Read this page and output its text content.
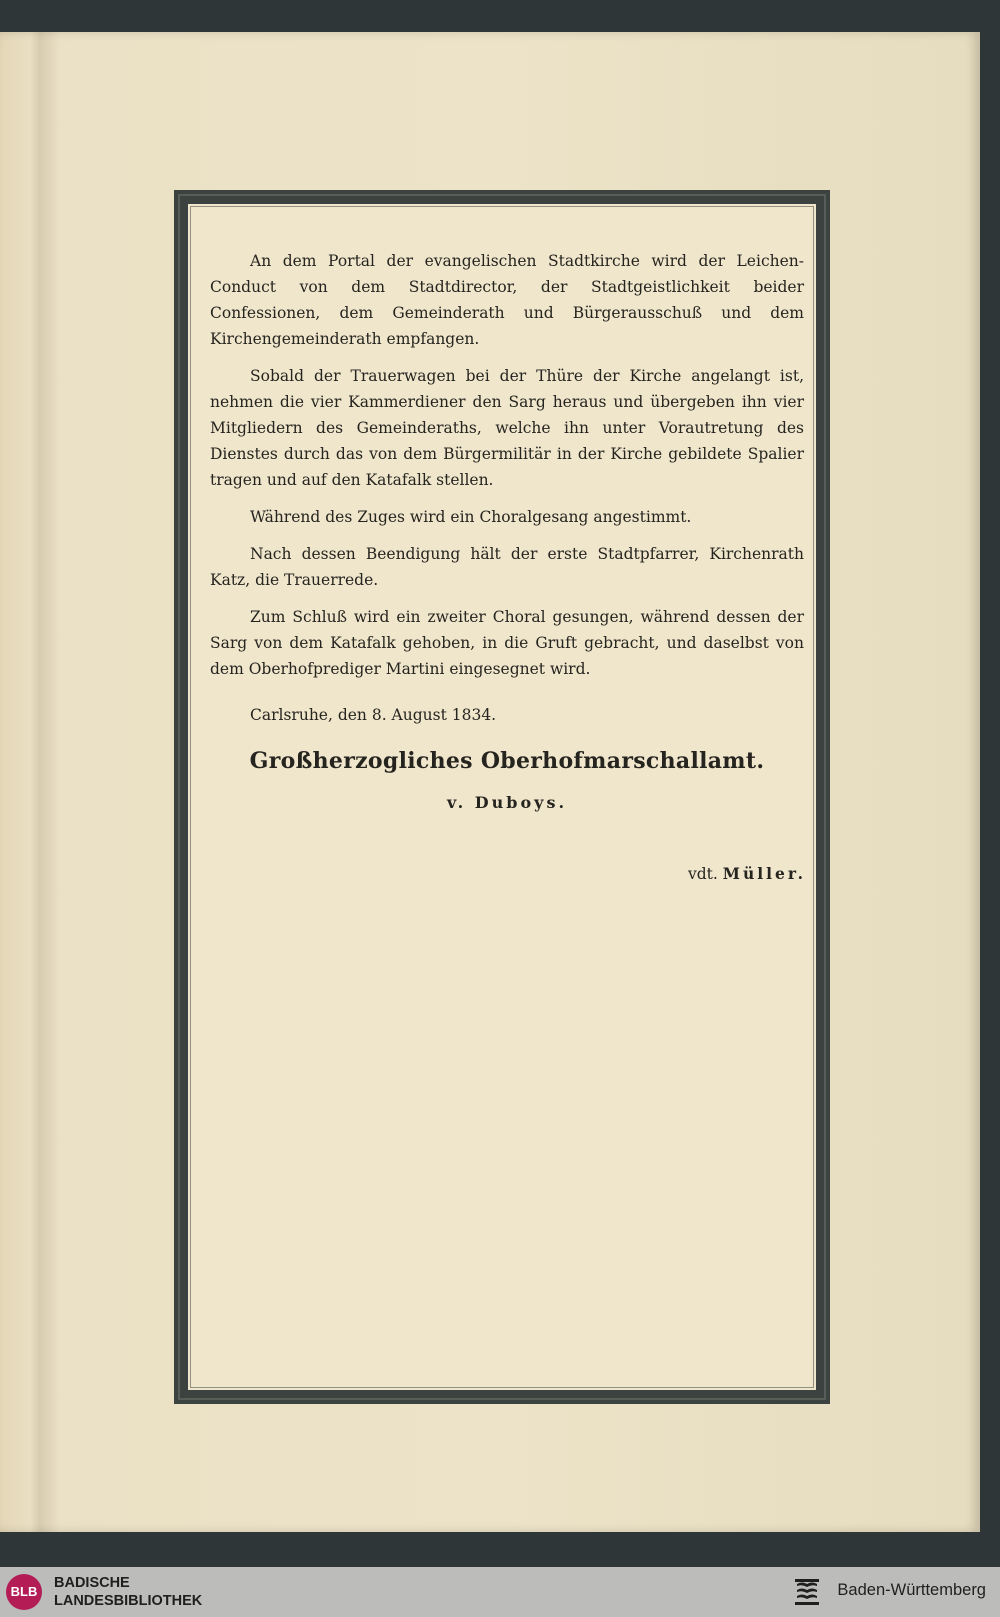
An dem Portal der evangelischen Stadtkirche wird der Leichen-Conduct von dem Stadtdirector, der Stadtgeistlichkeit beider Confessionen, dem Gemeinderath und Bürgerausschuß und dem Kirchengemeinderath empfangen.

Sobald der Trauerwagen bei der Thüre der Kirche angelangt ist, nehmen die vier Kammerdiener den Sarg heraus und übergeben ihn vier Mitgliedern des Gemeinderaths, welche ihn unter Vorautretung des Dienstes durch das von dem Bürgermilitär in der Kirche gebildete Spalier tragen und auf den Katafalk stellen.

Während des Zuges wird ein Choralgesang angestimmt.

Nach dessen Beendigung hält der erste Stadtpfarrer, Kirchenrath Katz, die Trauerrede.

Zum Schluß wird ein zweiter Choral gesungen, während dessen der Sarg von dem Katafalk gehoben, in die Gruft gebracht, und daselbst von dem Oberhofprediger Martini eingesegnet wird.

Carlsruhe, den 8. August 1834.
Großherzogliches Oberhofmarschallamt.
v. Duboys.
vdt. Müller.
BLB
BADISCHE
LANDESBIBLIOTHEK
Baden-Württemberg
